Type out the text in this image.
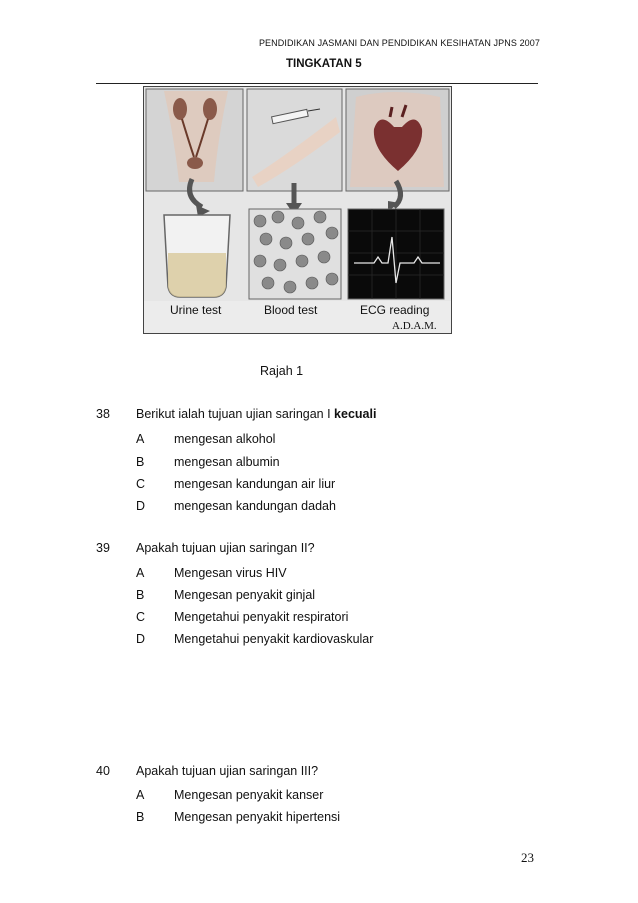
PENDIDIKAN JASMANI DAN PENDIDIKAN KESIHATAN JPNS 2007
TINGKATAN 5
Urine test	Blood test	ECG reading
A.D.A.M.
Rajah 1
38 Berikut ialah tujuan ujian saringan I kecuali
A mengesan alkohol
B mengesan albumin
C mengesan kandungan air liur
D mengesan kandungan dadah
39 Apakah tujuan ujian saringan II?
A Mengesan virus HIV
B Mengesan penyakit ginjal
C Mengetahui penyakit respiratori
D Mengetahui penyakit kardiovaskular
40 Apakah tujuan ujian saringan III?
A Mengesan penyakit kanser
B Mengesan penyakit hipertensi
23
